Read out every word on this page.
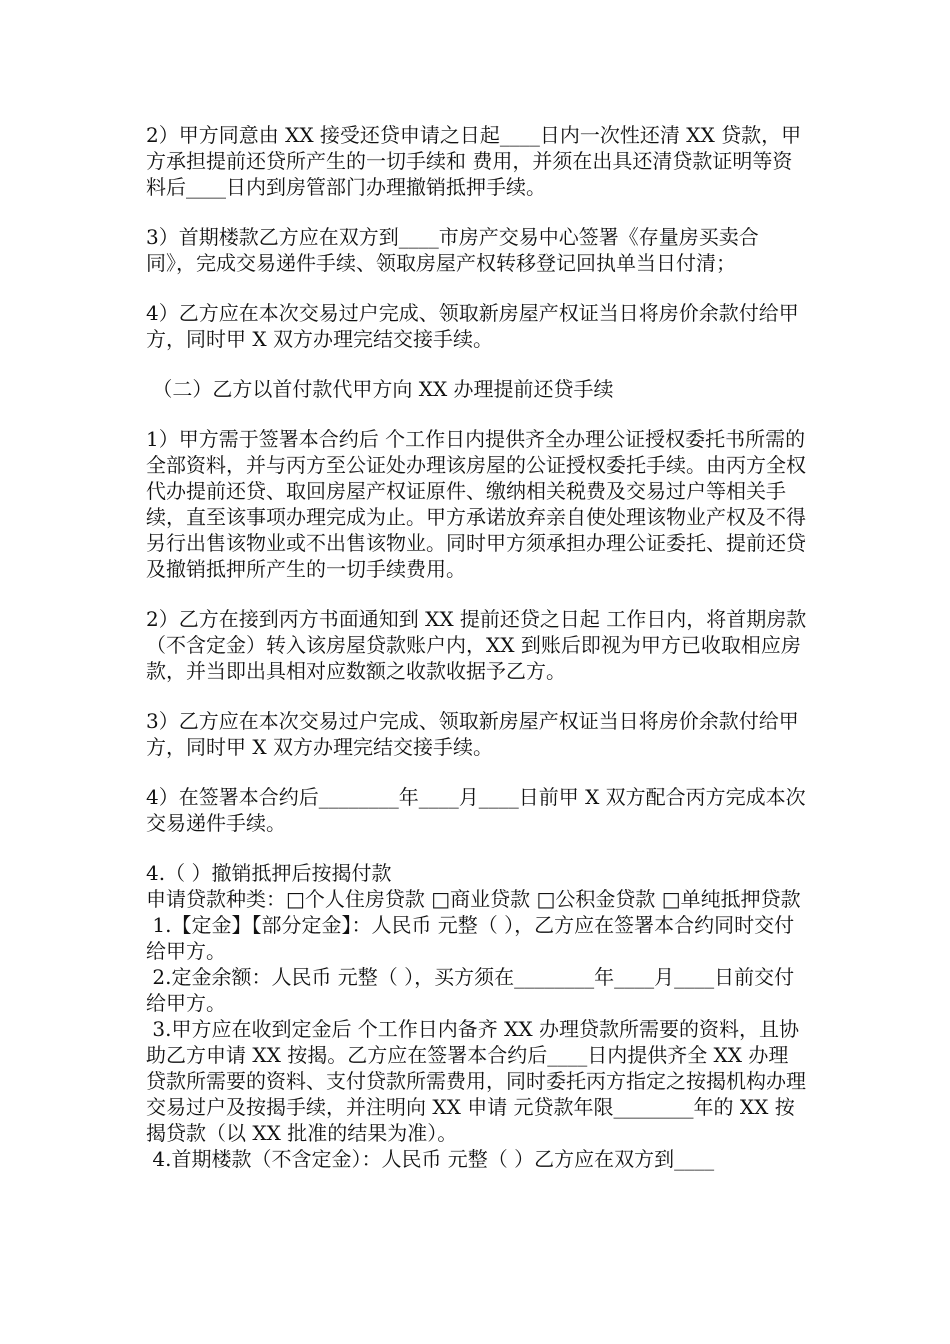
2）甲方同意由 XX 接受还贷申请之日起____日内一次性还清 XX 贷款，甲方承担提前还贷所产生的一切手续和 费用，并须在出具还清贷款证明等资料后____日内到房管部门办理撤销抵押手续。

3）首期楼款乙方应在双方到____市房产交易中心签署《存量房买卖合同》，完成交易递件手续、领取房屋产权转移登记回执单当日付清；

4）乙方应在本次交易过户完成、领取新房屋产权证当日将房价余款付给甲方，同时甲 X 双方办理完结交接手续。

（二）乙方以首付款代甲方向 XX 办理提前还贷手续

1）甲方需于签署本合约后 个工作日内提供齐全办理公证授权委托书所需的全部资料，并与丙方至公证处办理该房屋的公证授权委托手续。由丙方全权代办提前还贷、取回房屋产权证原件、缴纳相关税费及交易过户等相关手续，直至该事项办理完成为止。甲方承诺放弃亲自使处理该物业产权及不得另行出售该物业或不出售该物业。同时甲方须承担办理公证委托、提前还贷及撤销抵押所产生的一切手续费用。

2）乙方在接到丙方书面通知到 XX 提前还贷之日起 工作日内，将首期房款（不含定金）转入该房屋贷款账户内，XX 到账后即视为甲方已收取相应房款，并当即出具相对应数额之收款收据予乙方。

3）乙方应在本次交易过户完成、领取新房屋产权证当日将房价余款付给甲方，同时甲 X 双方办理完结交接手续。

4）在签署本合约后________年____月____日前甲 X 双方配合丙方完成本次交易递件手续。

4.（ ）撤销抵押后按揭付款

申请贷款种类：□个人住房贷款 □商业贷款 □公积金贷款 □单纯抵押贷款

1.【定金】【部分定金】：人民币 元整（ ），乙方应在签署本合约同时交付给甲方。

2.定金余额：人民币 元整（ ），买方须在________年____月____日前交付给甲方。

3.甲方应在收到定金后 个工作日内备齐 XX 办理贷款所需要的资料，且协助乙方申请 XX 按揭。乙方应在签署本合约后____日内提供齐全 XX 办理贷款所需要的资料、支付贷款所需费用，同时委托丙方指定之按揭机构办理交易过户及按揭手续，并注明向 XX 申请 元贷款年限________年的 XX 按揭贷款（以 XX 批准的结果为准）。

4.首期楼款（不含定金）：人民币 元整（ ）乙方应在双方到____
